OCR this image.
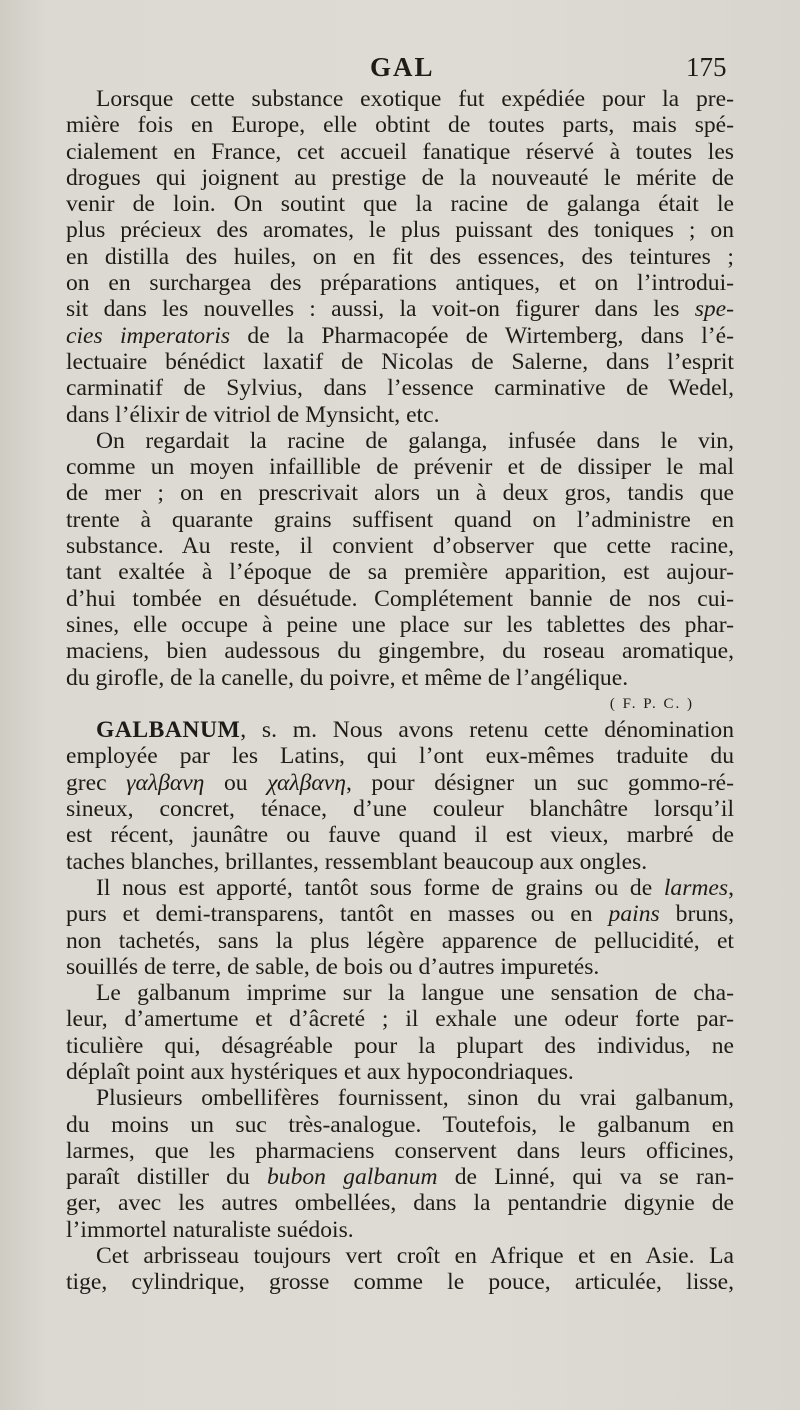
GAL	175
Lorsque cette substance exotique fut expédiée pour la pre-
mière fois en Europe, elle obtint de toutes parts, mais spé-
cialement en France, cet accueil fanatique réservé à toutes les
drogues qui joignent au prestige de la nouveauté le mérite de
venir de loin. On soutint que la racine de galanga était le
plus précieux des aromates, le plus puissant des toniques ; on
en distilla des huiles, on en fit des essences, des teintures ;
on en surchargea des préparations antiques, et on l’introdui-
sit dans les nouvelles : aussi, la voit-on figurer dans les spe-
cies imperatoris de la Pharmacopée de Wirtemberg, dans l’é-
lectuaire bénédict laxatif de Nicolas de Salerne, dans l’esprit
carminatif de Sylvius, dans l’essence carminative de Wedel,
dans l’élixir de vitriol de Mynsicht, etc.
On regardait la racine de galanga, infusée dans le vin,
comme un moyen infaillible de prévenir et de dissiper le mal
de mer ; on en prescrivait alors un à deux gros, tandis que
trente à quarante grains suffisent quand on l’administre en
substance. Au reste, il convient d’observer que cette racine,
tant exaltée à l’époque de sa première apparition, est aujour-
d’hui tombée en désuétude. Complétement bannie de nos cui-
sines, elle occupe à peine une place sur les tablettes des phar-
maciens, bien audessous du gingembre, du roseau aromatique,
du girofle, de la canelle, du poivre, et même de l’angélique.
( F. P. C. )
GALBANUM, s. m. Nous avons retenu cette dénomination
employée par les Latins, qui l’ont eux-mêmes traduite du
grec γαλβανη ou χαλβανη, pour désigner un suc gommo-ré-
sineux, concret, ténace, d’une couleur blanchâtre lorsqu’il
est récent, jaunâtre ou fauve quand il est vieux, marbré de
taches blanches, brillantes, ressemblant beaucoup aux ongles.
Il nous est apporté, tantôt sous forme de grains ou de larmes,
purs et demi-transparens, tantôt en masses ou en pains bruns,
non tachetés, sans la plus légère apparence de pellucidité, et
souillés de terre, de sable, de bois ou d’autres impuretés.
Le galbanum imprime sur la langue une sensation de cha-
leur, d’amertume et d’âcreté ; il exhale une odeur forte par-
ticulière qui, désagréable pour la plupart des individus, ne
déplaît point aux hystériques et aux hypocondriaques.
Plusieurs ombellifères fournissent, sinon du vrai galbanum,
du moins un suc très-analogue. Toutefois, le galbanum en
larmes, que les pharmaciens conservent dans leurs officines,
paraît distiller du bubon galbanum de Linné, qui va se ran-
ger, avec les autres ombellées, dans la pentandrie digynie de
l’immortel naturaliste suédois.
Cet arbrisseau toujours vert croît en Afrique et en Asie. La
tige, cylindrique, grosse comme le pouce, articulée, lisse,
